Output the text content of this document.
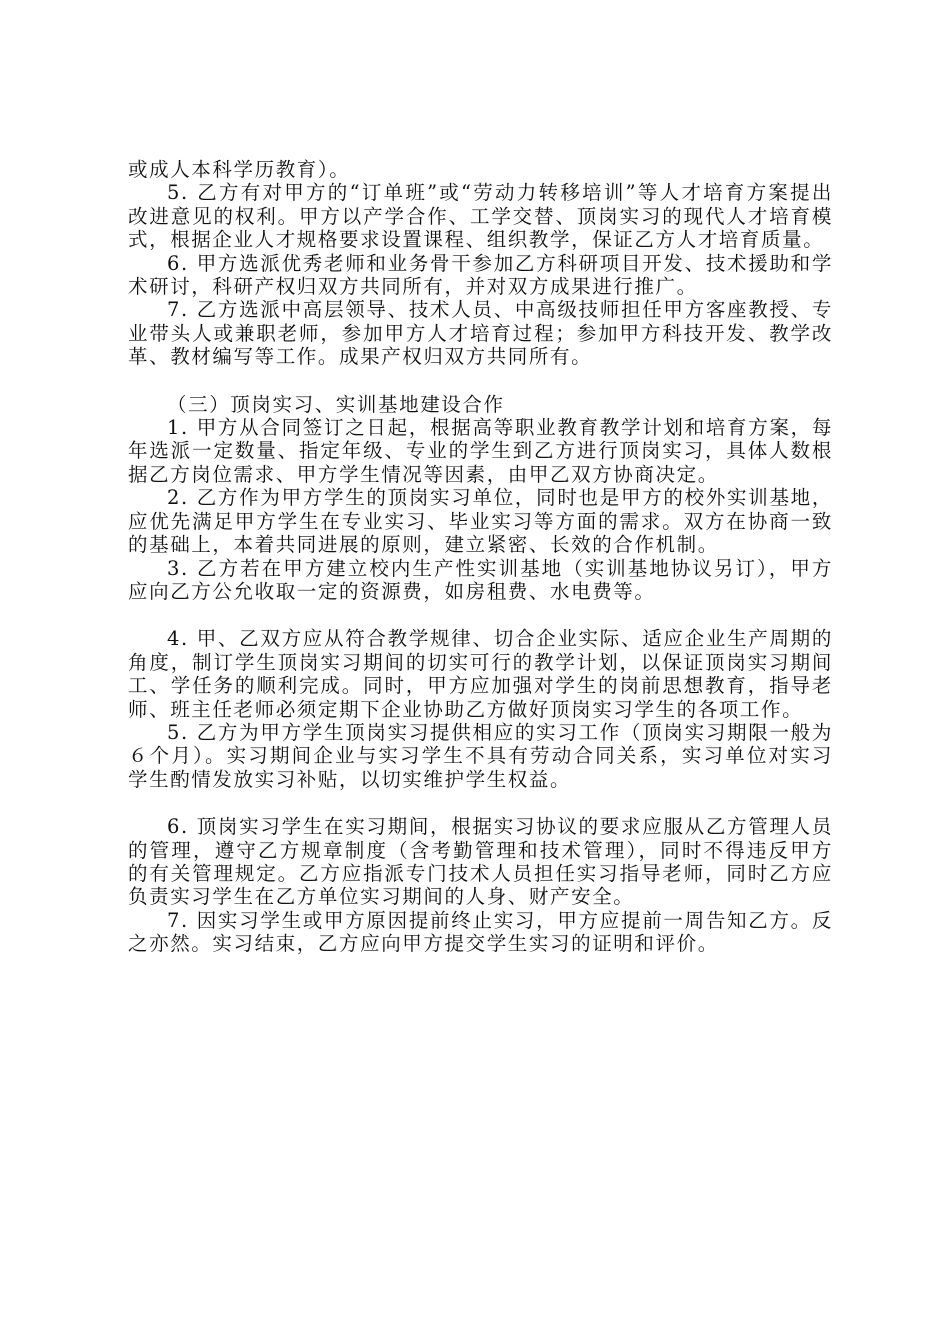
或成人本科学历教育）。

5. 乙方有对甲方的“订单班”或“劳动力转移培训”等人才培育方案提出改进意见的权利。甲方以产学合作、工学交替、顶岗实习的现代人才培育模式，根据企业人才规格要求设置课程、组织教学，保证乙方人才培育质量。

6. 甲方选派优秀老师和业务骨干参加乙方科研项目开发、技术援助和学术研讨，科研产权归双方共同所有，并对双方成果进行推广。

7. 乙方选派中高层领导、技术人员、中高级技师担任甲方客座教授、专业带头人或兼职老师，参加甲方人才培育过程；参加甲方科技开发、教学改革、教材编写等工作。成果产权归双方共同所有。

（三）顶岗实习、实训基地建设合作

1. 甲方从合同签订之日起，根据高等职业教育教学计划和培育方案，每年选派一定数量、指定年级、专业的学生到乙方进行顶岗实习，具体人数根据乙方岗位需求、甲方学生情况等因素，由甲乙双方协商决定。

2. 乙方作为甲方学生的顶岗实习单位，同时也是甲方的校外实训基地，应优先满足甲方学生在专业实习、毕业实习等方面的需求。双方在协商一致的基础上，本着共同进展的原则，建立紧密、长效的合作机制。

3. 乙方若在甲方建立校内生产性实训基地（实训基地协议另订），甲方应向乙方公允收取一定的资源费，如房租费、水电费等。

4. 甲、乙双方应从符合教学规律、切合企业实际、适应企业生产周期的角度，制订学生顶岗实习期间的切实可行的教学计划，以保证顶岗实习期间工、学任务的顺利完成。同时，甲方应加强对学生的岗前思想教育，指导老师、班主任老师必须定期下企业协助乙方做好顶岗实习学生的各项工作。

5. 乙方为甲方学生顶岗实习提供相应的实习工作（顶岗实习期限一般为６个月）。实习期间企业与实习学生不具有劳动合同关系，实习单位对实习学生酌情发放实习补贴，以切实维护学生权益。

6. 顶岗实习学生在实习期间，根据实习协议的要求应服从乙方管理人员的管理，遵守乙方规章制度（含考勤管理和技术管理），同时不得违反甲方的有关管理规定。乙方应指派专门技术人员担任实习指导老师，同时乙方应负责实习学生在乙方单位实习期间的人身、财产安全。

7. 因实习学生或甲方原因提前终止实习，甲方应提前一周告知乙方。反之亦然。实习结束，乙方应向甲方提交学生实习的证明和评价。
